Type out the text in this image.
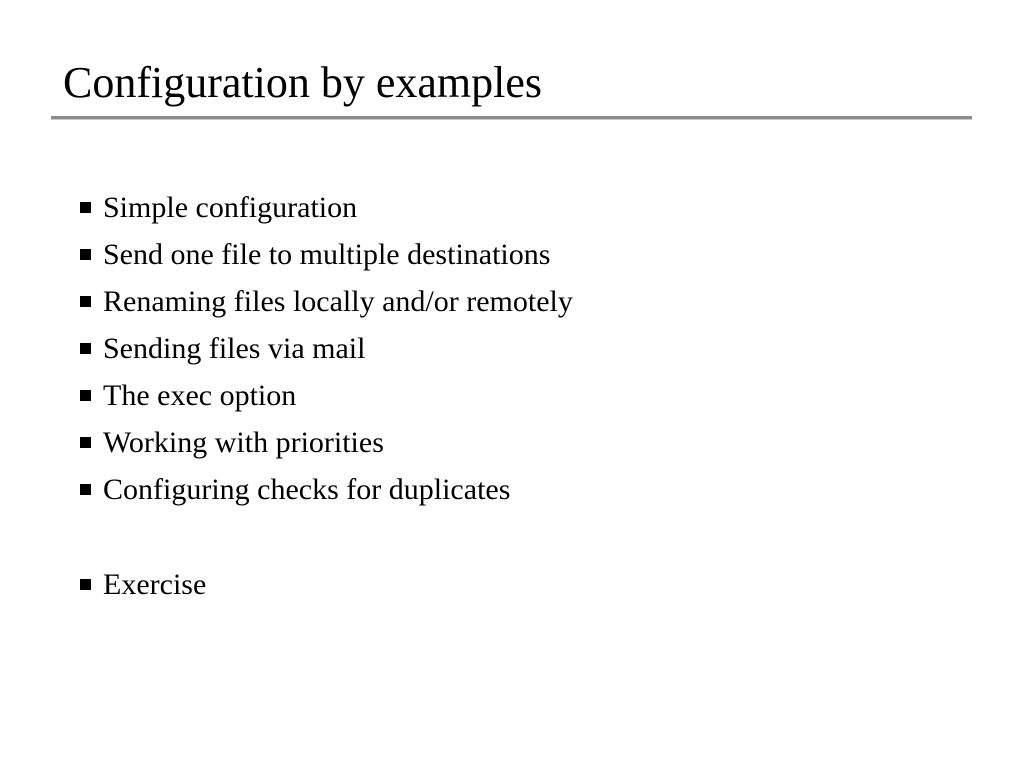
Configuration by examples
Simple configuration
Send one file to multiple destinations
Renaming files locally and/or remotely
Sending files via mail
The exec option
Working with priorities
Configuring checks for duplicates
Exercise
